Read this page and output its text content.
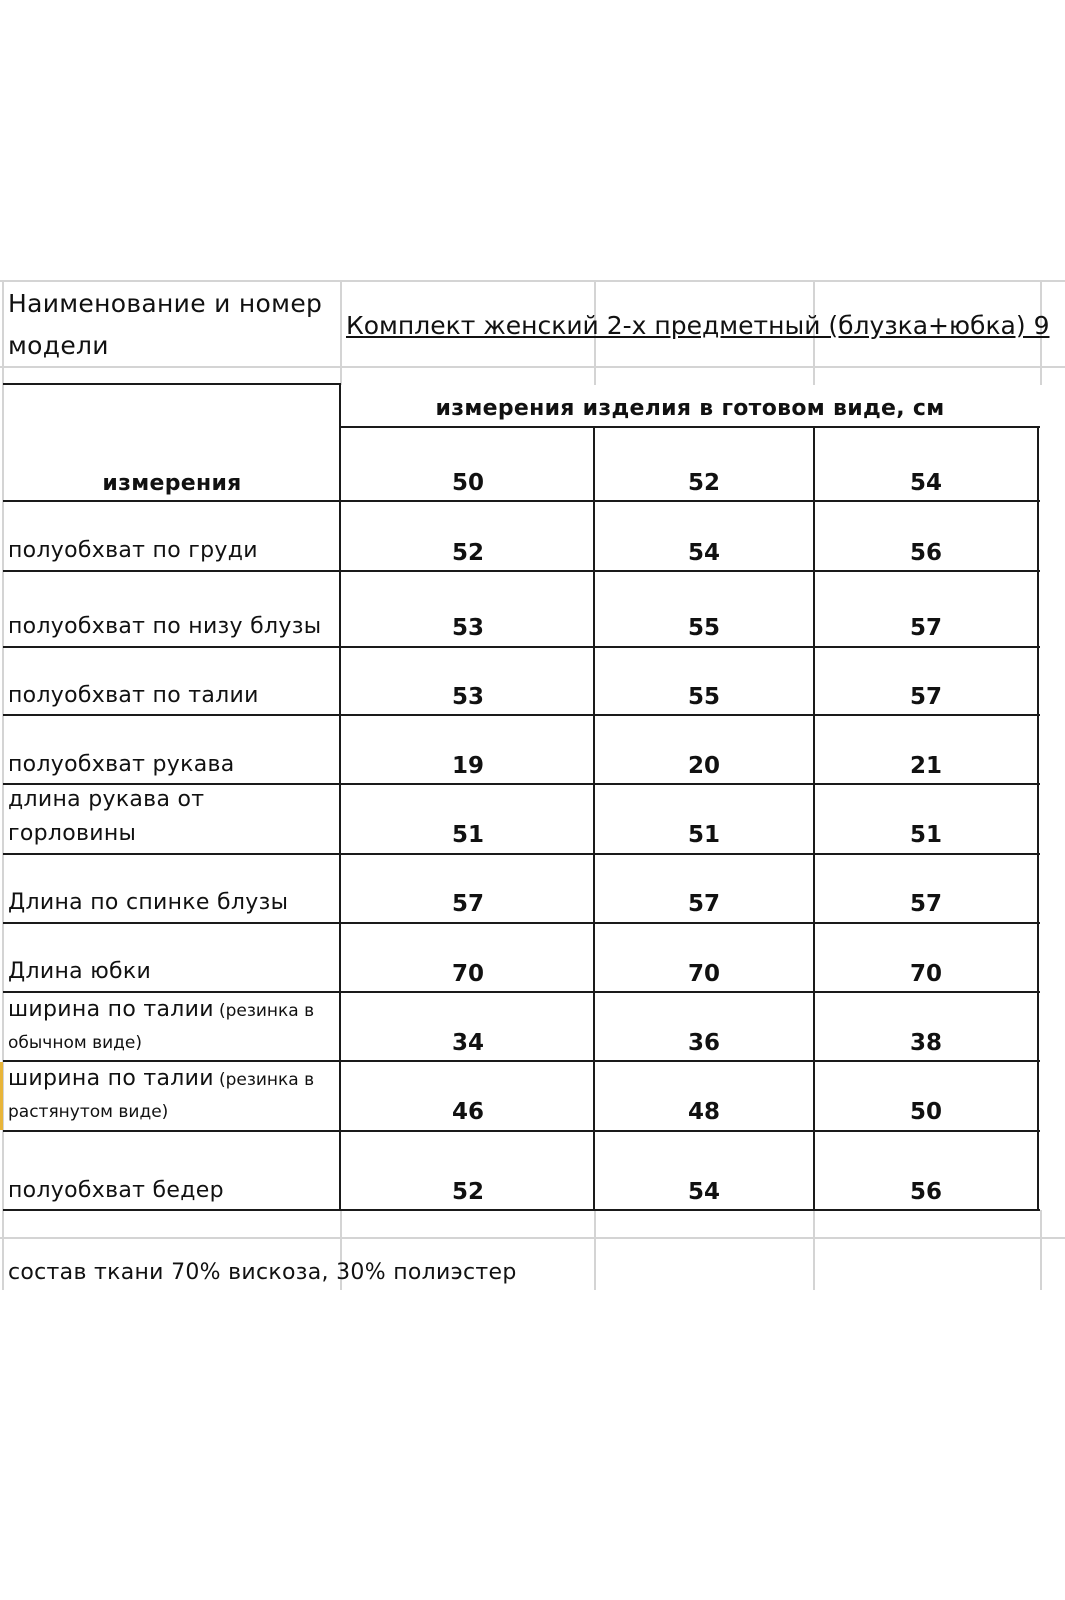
Наименование и номер
модели
Комплект женский 2-х предметный (блузка+юбка) 9
измерения изделия в готовом виде, см
измерения	50	52	54
полуобхват по груди	52	54	56
полуобхват по низу блузы	53	55	57
полуобхват по талии	53	55	57
полуобхват рукава	19	20	21
длина рукава от
горловины	51	51	51
Длина по спинке блузы	57	57	57
Длина юбки	70	70	70
ширина по талии (резинка в
обычном виде)	34	36	38
ширина по талии (резинка в
растянутом виде)	46	48	50
полуобхват бедер	52	54	56
состав ткани 70% вискоза, 30% полиэстер
